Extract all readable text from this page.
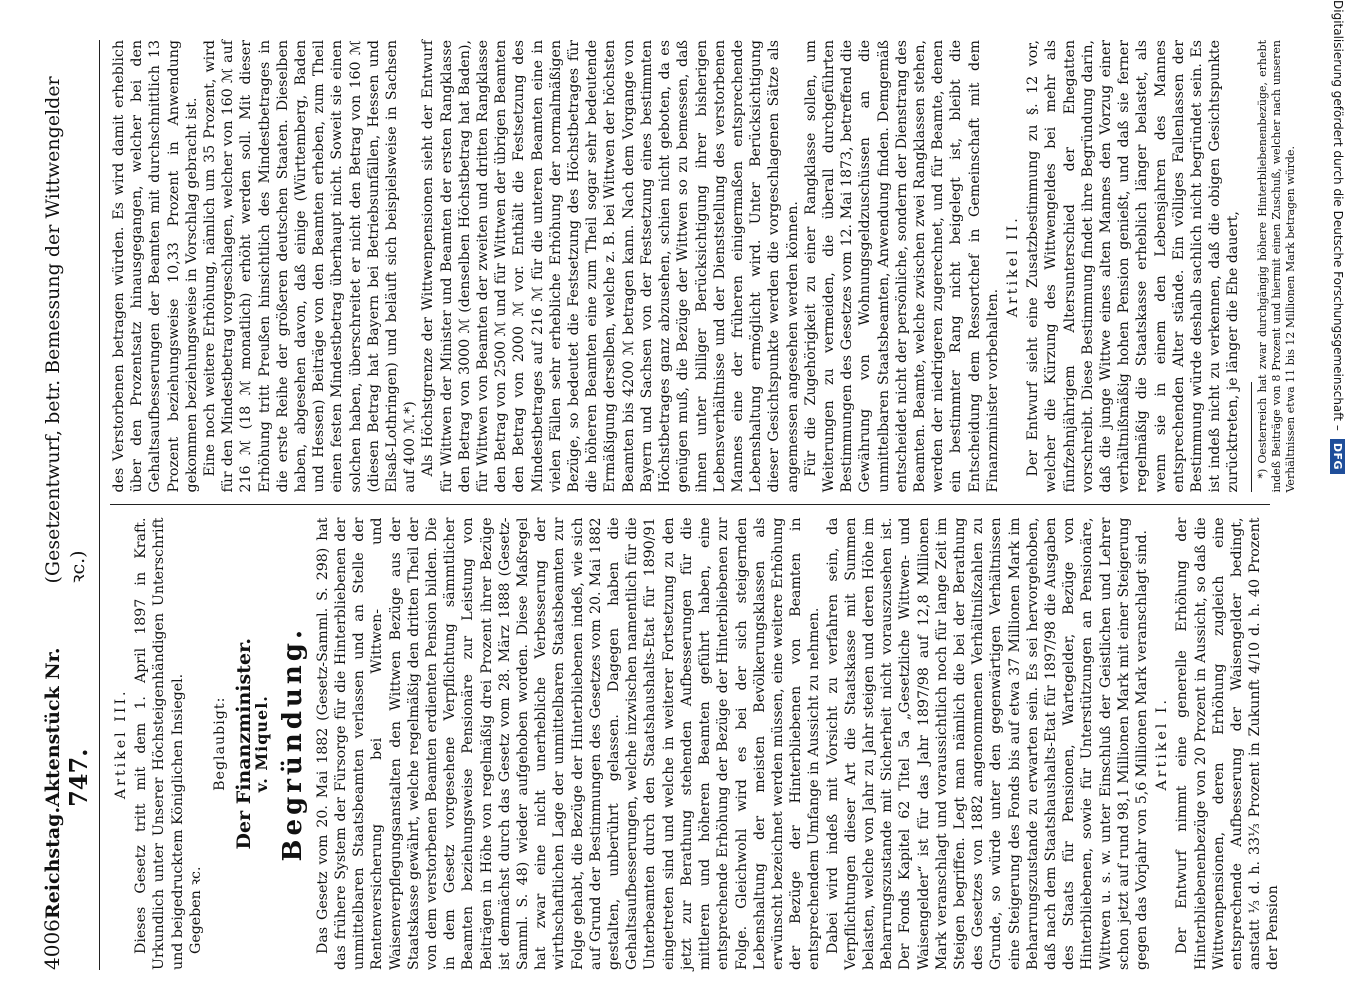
Digitalisierung gefördert durch die Deutsche Forschungsgemeinschaft –
DFG
4006
Reichstag.
Aktenstück Nr. 747.
(Gesetzentwurf, betr. Bemessung der Wittwengelder ꝛc.)
Artikel III. Dieses Gesetz tritt mit dem 1. April 1897 in Kraft. Urkundlich unter Unserer Höchsteigenhändigen Unterschrift und beigedrucktem Königlichen Insiegel. Gegeben ꝛc.
Beglaubigt: Der Finanzminister.
v. Miquel. Begründung. Das Gesetz vom 20. Mai 1882 (Gesetz-Samml. S. 298) hat das frühere System der Fürsorge für die Hinterbliebenen der unmittelbaren Staatsbeamten verlassen und an Stelle der Rentenversicherung bei Wittwen- und Waisenverpflegungsanstalten den Wittwen Bezüge aus der Staatskasse gewährt, welche regelmäßig den dritten Theil der von dem verstorbenen Beamten erdienten Pension bilden. Die in dem Gesetz vorgesehene Verpflichtung sämmtlicher Beamten beziehungsweise Pensionäre zur Leistung von Beiträgen in Höhe von regelmäßig drei Prozent ihrer Bezüge ist demnächst durch das Gesetz vom 28. März 1888 (Gesetz-Samml. S. 48) wieder aufgehoben worden. Diese Maßregel hat zwar eine nicht unerhebliche Verbesserung der wirthschaftlichen Lage der unmittelbaren Staatsbeamten zur Folge gehabt, die Bezüge der Hinterbliebenen indeß, wie sich auf Grund der Bestimmungen des Gesetzes vom 20. Mai 1882 gestalten, unberührt gelassen. Dagegen haben die Gehaltsaufbesserungen, welche inzwischen namentlich für die Unterbeamten durch den Staatshaushalts-Etat für 1890/91 eingetreten sind und welche in weiterer Fortsetzung zu den jetzt zur Berathung stehenden Aufbesserungen für die mittleren und höheren Beamten geführt haben, eine entsprechende Erhöhung der Bezüge der Hinterbliebenen zur Folge. Gleichwohl wird es bei der sich steigernden Lebenshaltung der meisten Bevölkerungsklassen als erwünscht bezeichnet werden müssen, eine weitere Erhöhung der Bezüge der Hinterbliebenen von Beamten in entsprechendem Umfange in Aussicht zu nehmen. Dabei wird indeß mit Vorsicht zu verfahren sein, da Verpflichtungen dieser Art die Staatskasse mit Summen belasten, welche von Jahr zu Jahr steigen und deren Höhe im Beharrungszustande mit Sicherheit nicht vorauszusehen ist. Der Fonds Kapitel 62 Titel 5a „Gesetzliche Wittwen- und Waisengelder“ ist für das Jahr 1897/98 auf 12,8 Millionen Mark veranschlagt und voraussichtlich noch für lange Zeit im Steigen begriffen. Legt man nämlich die bei der Berathung des Gesetzes von 1882 angenommenen Verhältnißzahlen zu Grunde, so würde unter den gegenwärtigen Verhältnissen eine Steigerung des Fonds bis auf etwa 37 Millionen Mark im Beharrungszustande zu erwarten sein. Es sei hervorgehoben, daß nach dem Staatshaushalts-Etat für 1897/98 die Ausgaben des Staats für Pensionen, Wartegelder, Bezüge von Hinterbliebenen, sowie für Unterstützungen an Pensionäre, Wittwen u. s. w. unter Einschluß der Geistlichen und Lehrer schon jetzt auf rund 98,1 Millionen Mark mit einer Steigerung gegen das Vorjahr von 5,6 Millionen Mark veranschlagt sind. Artikel I. Der Entwurf nimmt eine generelle Erhöhung der Hinterbliebenenbezüge von 20 Prozent in Aussicht, so daß die Wittwenpensionen, deren Erhöhung zugleich eine entsprechende Aufbesserung der Waisengelder bedingt, anstatt ⅓ d. h. 33⅓ Prozent in Zukunft 4/10 d. h. 40 Prozent der Pension

des Verstorbenen betragen würden. Es wird damit erheblich über den Prozentsatz hinausgegangen, welcher bei den Gehaltsaufbesserungen der Beamten mit durchschnittlich 13 Prozent beziehungsweise 10,33 Prozent in Anwendung gekommen beziehungsweise in Vorschlag gebracht ist. Eine noch weitere Erhöhung, nämlich um 35 Prozent, wird für den Mindestbetrag vorgeschlagen, welcher von 160 ℳ auf 216 ℳ (18 ℳ monatlich) erhöht werden soll. Mit dieser Erhöhung tritt Preußen hinsichtlich des Mindestbetrages in die erste Reihe der größeren deutschen Staaten. Dieselben haben, abgesehen davon, daß einige (Württemberg, Baden und Hessen) Beiträge von den Beamten erheben, zum Theil einen festen Mindestbetrag überhaupt nicht. Soweit sie einen solchen haben, überschreitet er nicht den Betrag von 160 ℳ (diesen Betrag hat Bayern bei Betriebsunfällen, Hessen und Elsaß-Lothringen) und beläuft sich beispielsweise in Sachsen auf 400 ℳ.*) Als Höchstgrenze der Wittwenpensionen sieht der Entwurf für Wittwen der Minister und Beamten der ersten Rangklasse den Betrag von 3000 ℳ (denselben Höchstbetrag hat Baden), für Wittwen von Beamten der zweiten und dritten Rangklasse den Betrag von 2500 ℳ und für Wittwen der übrigen Beamten den Betrag von 2000 ℳ vor. Enthält die Festsetzung des Mindestbetrages auf 216 ℳ für die unteren Beamten eine in vielen Fällen sehr erhebliche Erhöhung der normalmäßigen Bezüge, so bedeutet die Festsetzung des Höchstbetrages für die höheren Beamten eine zum Theil sogar sehr bedeutende Ermäßigung derselben, welche z. B. bei Wittwen der höchsten Beamten bis 4200 ℳ betragen kann. Nach dem Vorgange von Bayern und Sachsen von der Festsetzung eines bestimmten Höchstbetrages ganz abzusehen, schien nicht geboten, da es genügen muß, die Bezüge der Wittwen so zu bemessen, daß ihnen unter billiger Berücksichtigung ihrer bisherigen Lebensverhältnisse und der Dienststellung des verstorbenen Mannes eine der früheren einigermaßen entsprechende Lebenshaltung ermöglicht wird. Unter Berücksichtigung dieser Gesichtspunkte werden die vorgeschlagenen Sätze als angemessen angesehen werden können. Für die Zugehörigkeit zu einer Rangklasse sollen, um Weiterungen zu vermeiden, die überall durchgeführten Bestimmungen des Gesetzes vom 12. Mai 1873, betreffend die Gewährung von Wohnungsgeldzuschüssen an die unmittelbaren Staatsbeamten, Anwendung finden. Demgemäß entscheidet nicht der persönliche, sondern der Dienstrang des Beamten. Beamte, welche zwischen zwei Rangklassen stehen, werden der niedrigeren zugerechnet, und für Beamte, denen ein bestimmter Rang nicht beigelegt ist, bleibt die Entscheidung dem Ressortchef in Gemeinschaft mit dem Finanzminister vorbehalten.

Artikel II. Der Entwurf sieht eine Zusatzbestimmung zu §. 12 vor, welcher die Kürzung des Wittwengeldes bei mehr als fünfzehnjährigem Altersunterschied der Ehegatten vorschreibt. Diese Bestimmung findet ihre Begründung darin, daß die junge Wittwe eines alten Mannes den Vorzug einer verhältnißmäßig hohen Pension genießt, und daß sie ferner regelmäßig die Staatskasse erheblich länger belastet, als wenn sie in einem den Lebensjahren des Mannes entsprechenden Alter stände. Ein völliges Fallenlassen der Bestimmung würde deshalb sachlich nicht begründet sein. Es ist indeß nicht zu verkennen, daß die obigen Gesichtspunkte zurücktreten, je länger die Ehe dauert, *) Oesterreich hat zwar durchgängig höhere Hinterbliebenenbezüge, erhebt indeß Beiträge von 8 Prozent und hiermit einen Zuschuß, welcher nach unseren Verhältnissen etwa 11 bis 12 Millionen Mark betragen würde.
